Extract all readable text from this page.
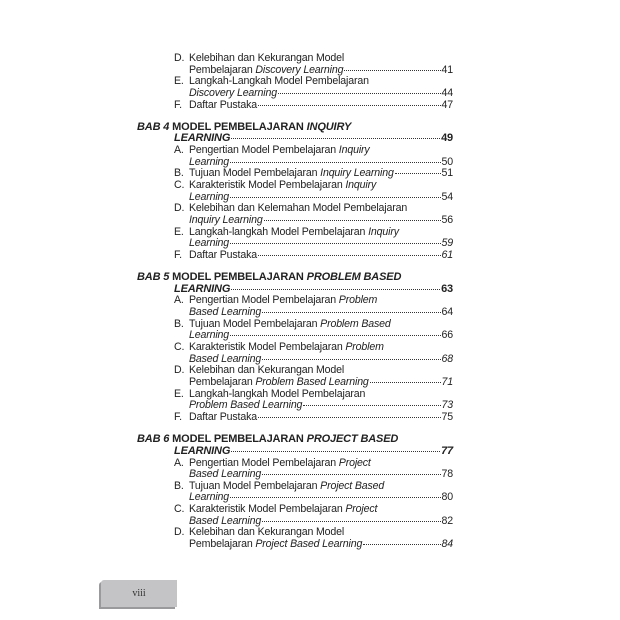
D. Kelebihan dan Kekurangan Model
Pembelajaran Discovery Learning	41
E. Langkah-Langkah Model Pembelajaran
Discovery Learning	44
F. Daftar Pustaka	47
BAB 4 MODEL PEMBELAJARAN INQUIRY
LEARNING	49
A. Pengertian Model Pembelajaran Inquiry
Learning	50
B. Tujuan Model Pembelajaran Inquiry Learning	51
C. Karakteristik Model Pembelajaran Inquiry
Learning	54
D. Kelebihan dan Kelemahan Model Pembelajaran
Inquiry Learning	56
E. Langkah-langkah Model Pembelajaran Inquiry
Learning	59
F. Daftar Pustaka	61
BAB 5 MODEL PEMBELAJARAN PROBLEM BASED
LEARNING	63
A. Pengertian Model Pembelajaran Problem
Based Learning	64
B. Tujuan Model Pembelajaran Problem Based
Learning	66
C. Karakteristik Model Pembelajaran Problem
Based Learning	68
D. Kelebihan dan Kekurangan Model
Pembelajaran Problem Based Learning	71
E. Langkah-langkah Model Pembelajaran
Problem Based Learning	73
F. Daftar Pustaka	75
BAB 6 MODEL PEMBELAJARAN PROJECT BASED
LEARNING	77
A. Pengertian Model Pembelajaran Project
Based Learning	78
B. Tujuan Model Pembelajaran Project Based
Learning	80
C. Karakteristik Model Pembelajaran Project
Based Learning	82
D. Kelebihan dan Kekurangan Model
Pembelajaran Project Based Learning	84
viii
